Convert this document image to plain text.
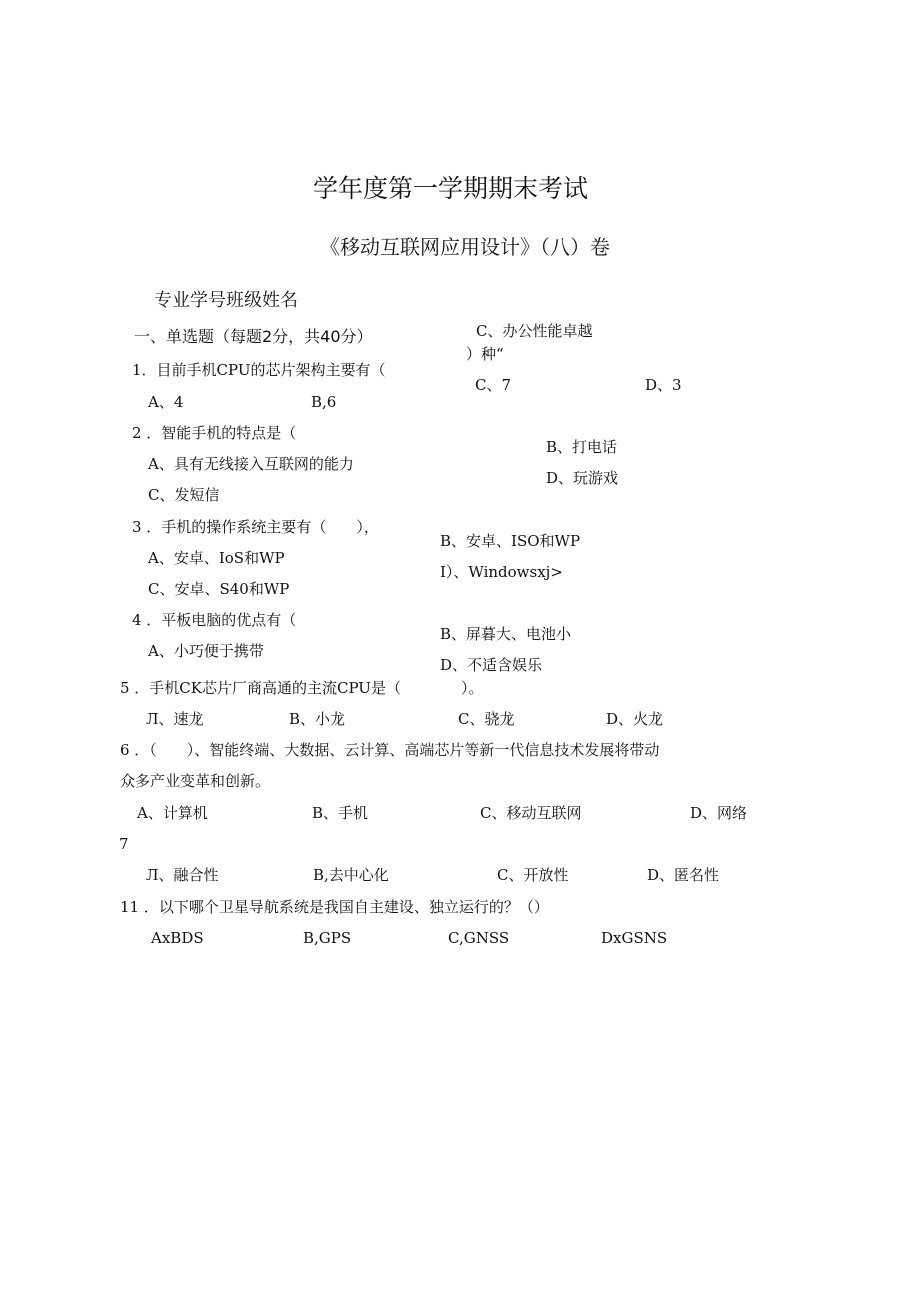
学年度第一学期期末考试
《移动互联网应用设计》（八）卷
专业学号班级姓名
一、单选题（每题2分，共40分）	C、办公性能卓越
）种“
1．目前手机CPU的芯片架构主要有（
C、7	D、3
A、4	B,6
2 ．智能手机的特点是（
B、打电话
A、具有无线接入互联网的能力
D、玩游戏
C、发短信
3 ．手机的操作系统主要有（　　），
B、安卓、ISO和WP
A、安卓、IoS和WP
I）、Windowsxj>
C、安卓、S40和WP
4 ．平板电脑的优点有（
B、屏暮大、电池小
A、小巧便于携带
D、不适含娱乐
5 ．手机CK芯片厂商高通的主流CPU是（　　　　）。
Л、速龙	B、小龙	C、骁龙	D、火龙
6 ．（　　）、智能终端、大数据、云计算、高端芯片等新一代信息技术发展将带动
众多产业变革和创新。
A、计算机	B、手机	C、移动互联网	D、网络
7
Л、融合性	B,去中心化	C、开放性	D、匿名性
11 ．以下哪个卫星导航系统是我国自主建设、独立运行的？（）
AxBDS	B,GPS	C,GNSS	DxGSNS
